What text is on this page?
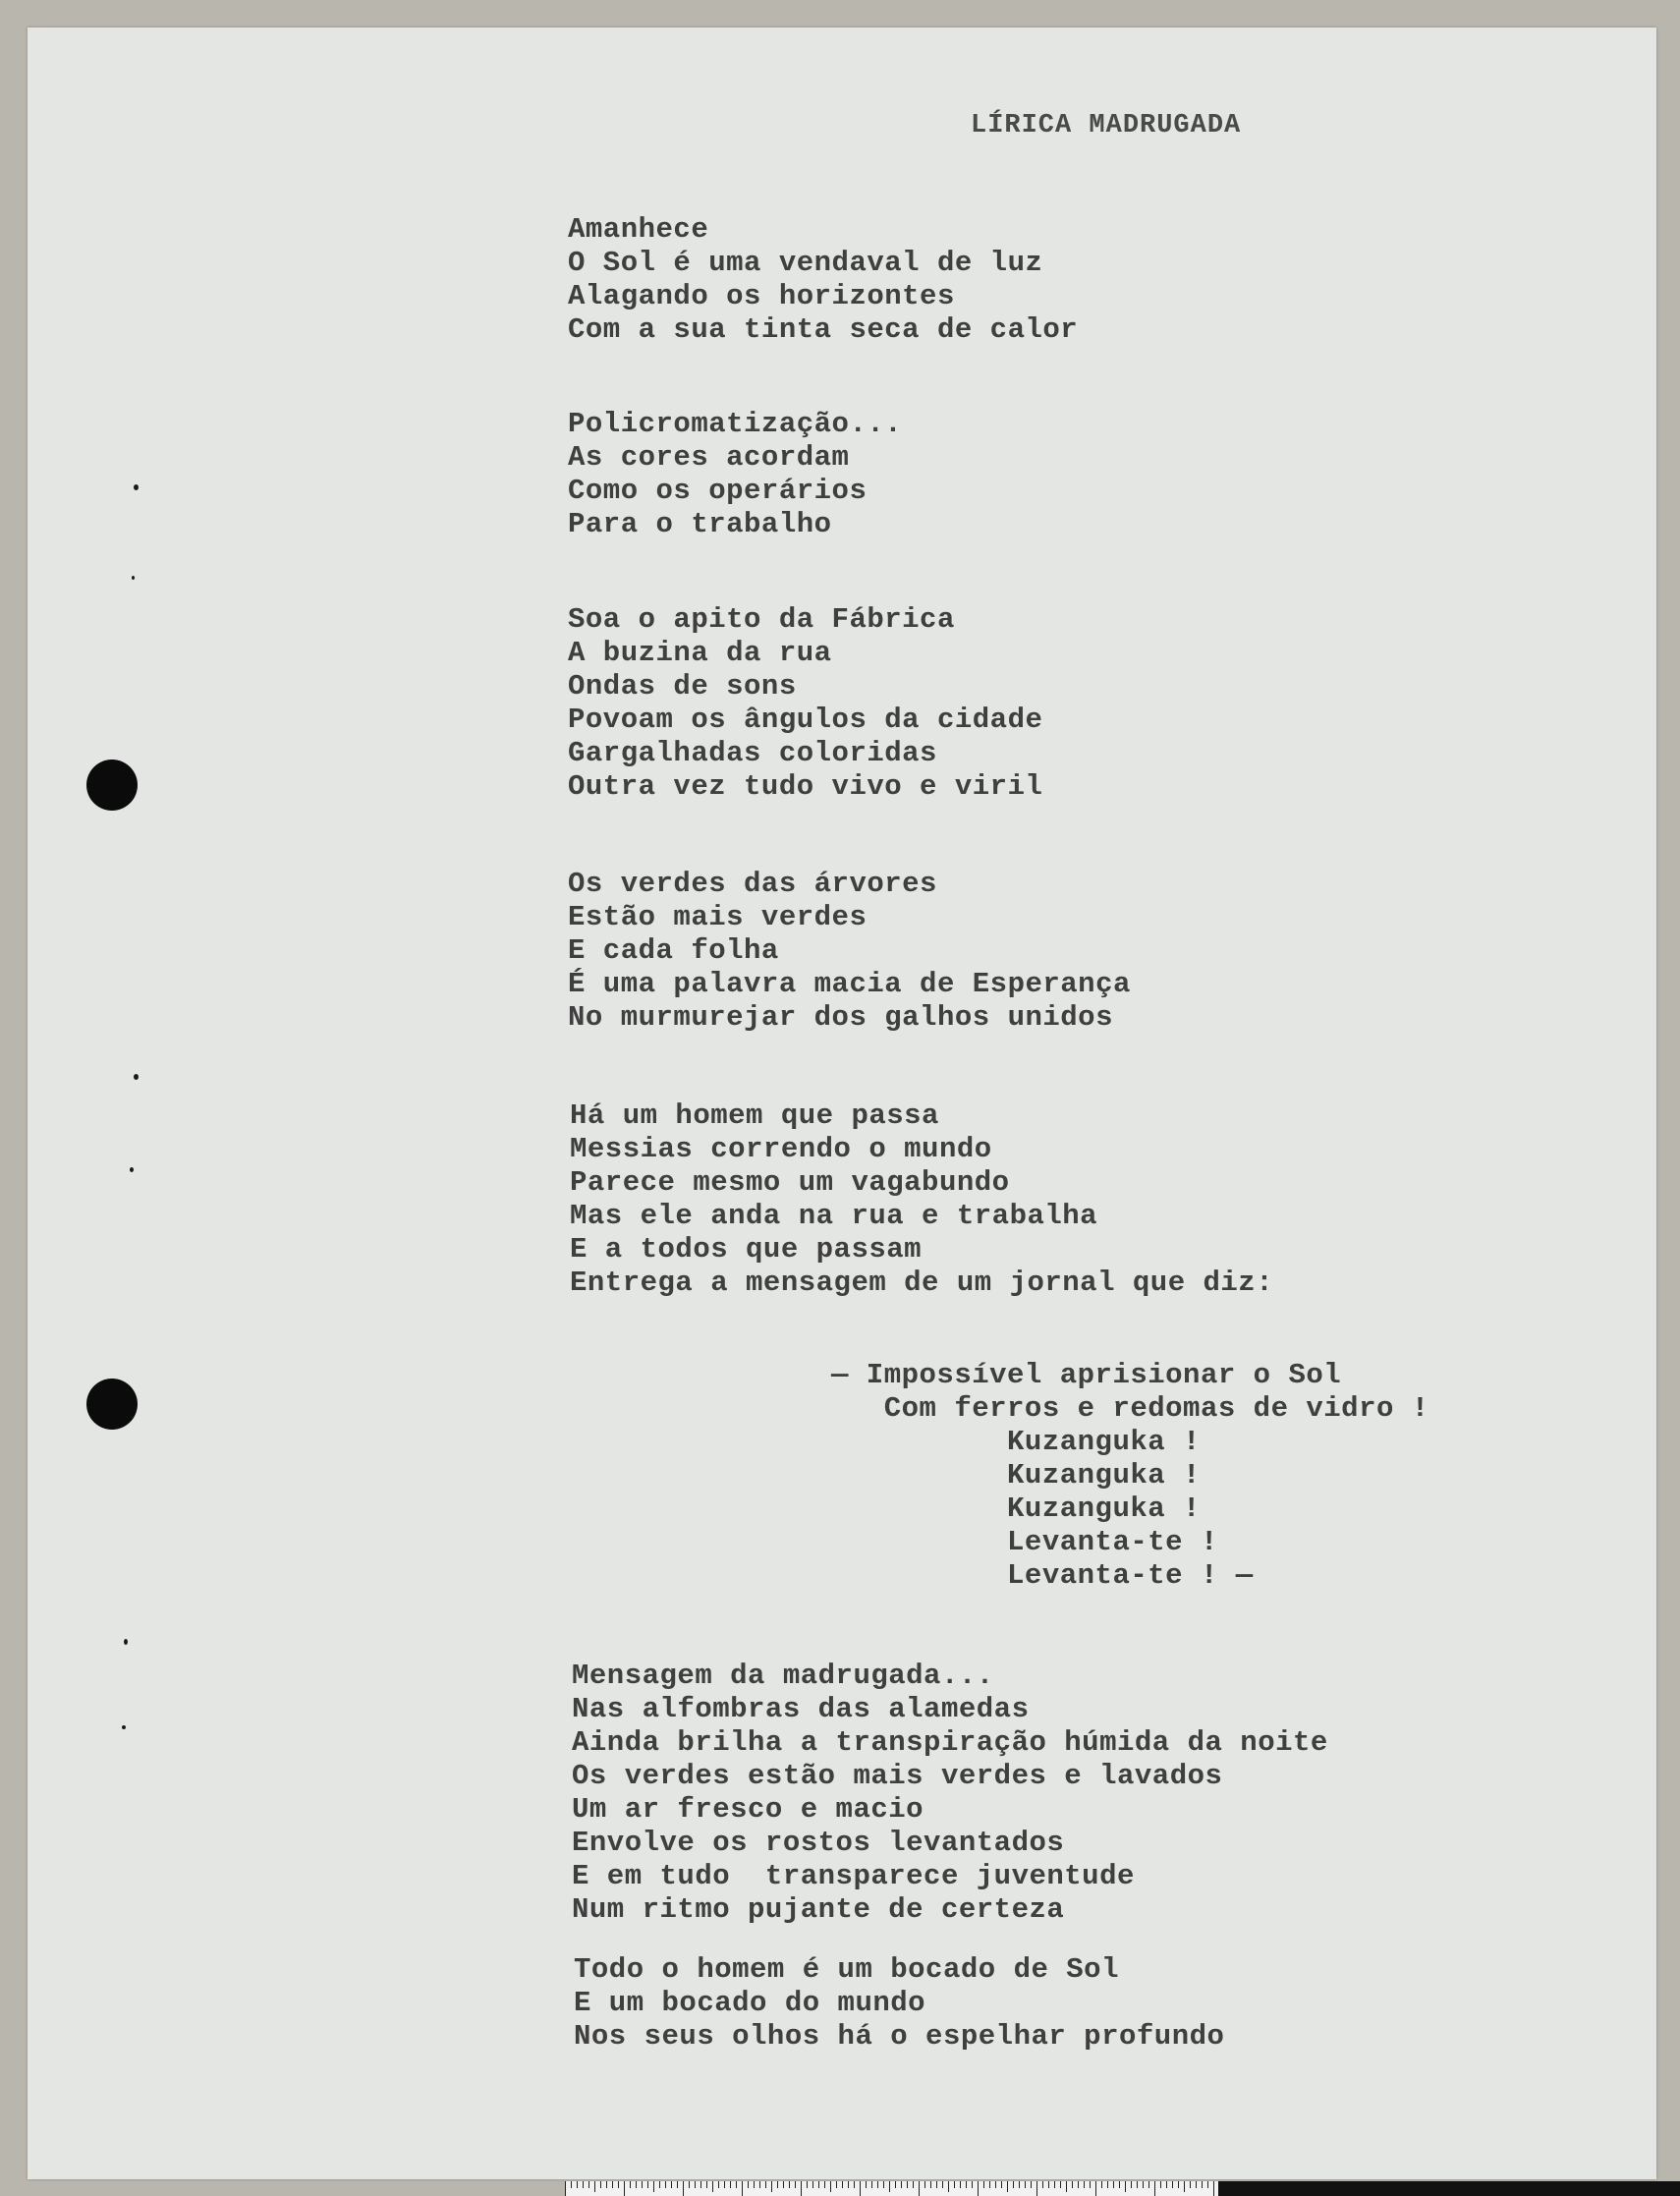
LÍRICA MADRUGADA
Amanhece
O Sol é uma vendaval de luz
Alagando os horizontes
Com a sua tinta seca de calor
Policromatização...
As cores acordam
Como os operários
Para o trabalho
Soa o apito da Fábrica
A buzina da rua
Ondas de sons
Povoam os ângulos da cidade
Gargalhadas coloridas
Outra vez tudo vivo e viril
Os verdes das árvores
Estão mais verdes
E cada folha
É uma palavra macia de Esperança
No murmurejar dos galhos unidos
Há um homem que passa
Messias correndo o mundo
Parece mesmo um vagabundo
Mas ele anda na rua e trabalha
E a todos que passam
Entrega a mensagem de um jornal que diz:
— Impossível aprisionar o Sol
Com ferros e redomas de vidro !
Kuzanguka !
Kuzanguka !
Kuzanguka !
Levanta-te !
Levanta-te ! —
Mensagem da madrugada...
Nas alfombras das alamedas
Ainda brilha a transpiração húmida da noite
Os verdes estão mais verdes e lavados
Um ar fresco e macio
Envolve os rostos levantados
E em tudo  transparece juventude
Num ritmo pujante de certeza
Todo o homem é um bocado de Sol
E um bocado do mundo
Nos seus olhos há o espelhar profundo
